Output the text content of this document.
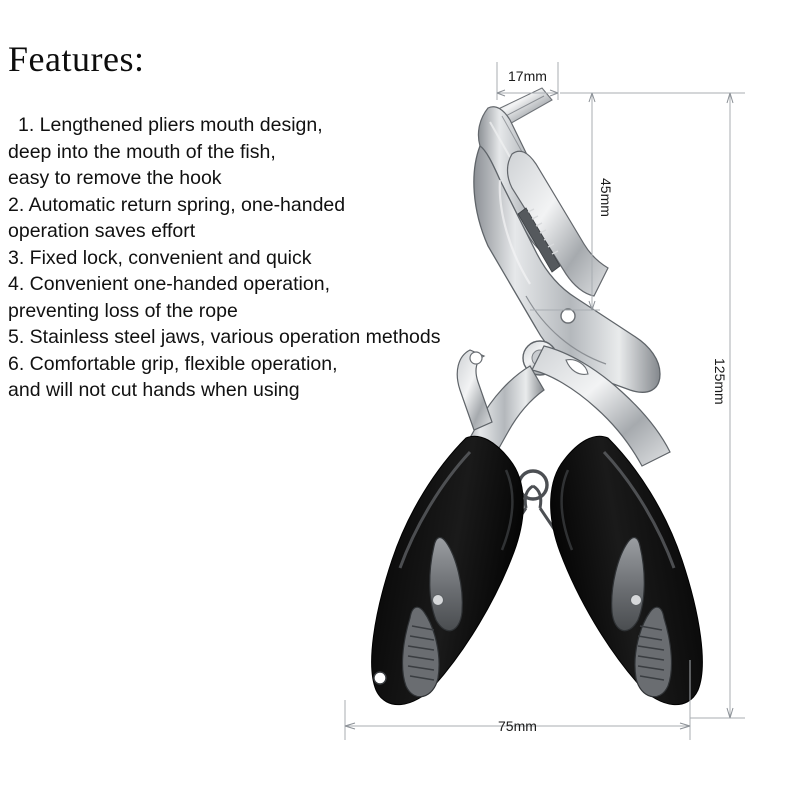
Features:
1. Lengthened pliers mouth design,
deep into the mouth of the fish,
easy to remove the hook
2. Automatic return spring, one-handed
operation saves effort
3. Fixed lock, convenient and quick
4. Convenient one-handed operation,
preventing loss of the rope
5. Stainless steel jaws, various operation methods
6. Comfortable grip, flexible operation,
and will not cut hands when using
17mm
45mm
125mm
75mm
